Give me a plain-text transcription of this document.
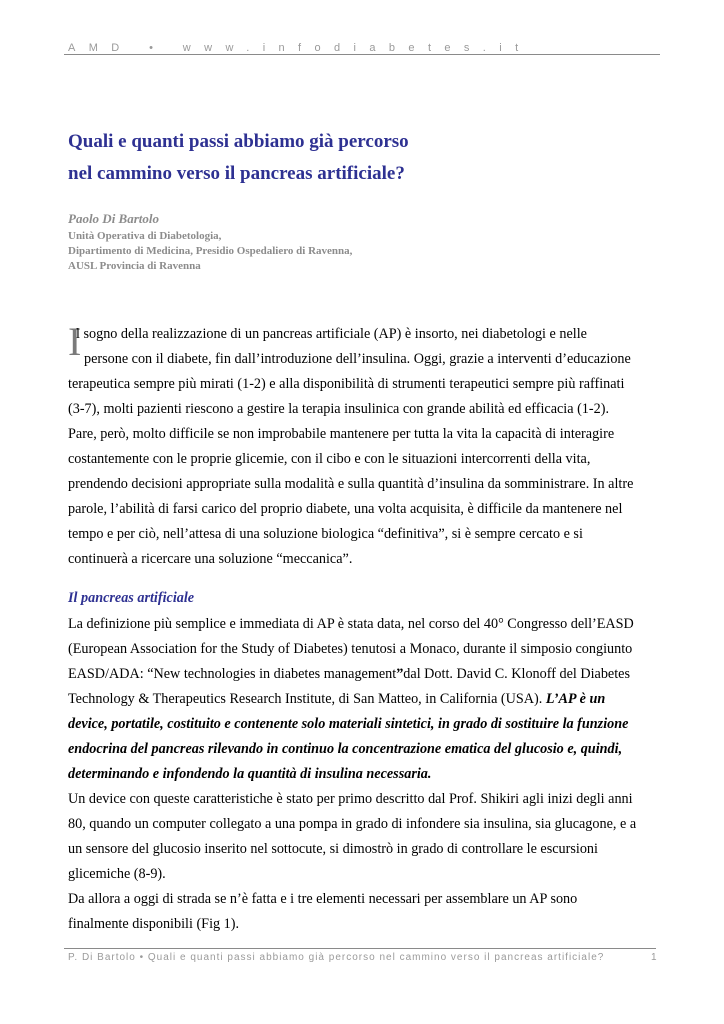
AMD • www.infodiabetes.it
Quali e quanti passi abbiamo già percorso
nel cammino verso il pancreas artificiale?
Paolo Di Bartolo
Unità Operativa di Diabetologia,
Dipartimento di Medicina, Presidio Ospedaliero di Ravenna,
AUSL Provincia di Ravenna
I
l sogno della realizzazione di un pancreas artificiale (AP) è insorto, nei diabetologi e nelle
persone con il diabete, fin dall’introduzione dell’insulina. Oggi, grazie a interventi d’educazione
terapeutica sempre più mirati (1-2) e alla disponibilità di strumenti terapeutici sempre più raffinati
(3-7), molti pazienti riescono a gestire la terapia insulinica con grande abilità ed efficacia (1-2).
Pare, però, molto difficile se non improbabile mantenere per tutta la vita la capacità di interagire
costantemente con le proprie glicemie, con il cibo e con le situazioni intercorrenti della vita,
prendendo decisioni appropriate sulla modalità e sulla quantità d’insulina da somministrare. In altre
parole, l’abilità di farsi carico del proprio diabete, una volta acquisita, è difficile da mantenere nel
tempo e per ciò, nell’attesa di una soluzione biologica “definitiva”, si è sempre cercato e si
continuerà a ricercare una soluzione “meccanica”.
Il pancreas artificiale
La definizione più semplice e immediata di AP è stata data, nel corso del 40° Congresso dell’EASD
(European Association for the Study of Diabetes) tenutosi a Monaco, durante il simposio congiunto
EASD/ADA: “New technologies in diabetes management”dal Dott. David C. Klonoff del Diabetes
Technology & Therapeutics Research Institute, di San Matteo, in California (USA). L’AP è un
device, portatile, costituito e contenente solo materiali sintetici, in grado di sostituire la funzione
endocrina del pancreas rilevando in continuo la concentrazione ematica del glucosio e, quindi,
determinando e infondendo la quantità di insulina necessaria.
Un device con queste caratteristiche è stato per primo descritto dal Prof. Shikiri agli inizi degli anni
80, quando un computer collegato a una pompa in grado di infondere sia insulina, sia glucagone, e a
un sensore del glucosio inserito nel sottocute, si dimostrò in grado di controllare le escursioni
glicemiche (8-9).
Da allora a oggi di strada se n’è fatta e i tre elementi necessari per assemblare un AP sono
finalmente disponibili (Fig 1).
P. Di Bartolo • Quali e quanti passi abbiamo già percorso nel cammino verso il pancreas artificiale?	1
